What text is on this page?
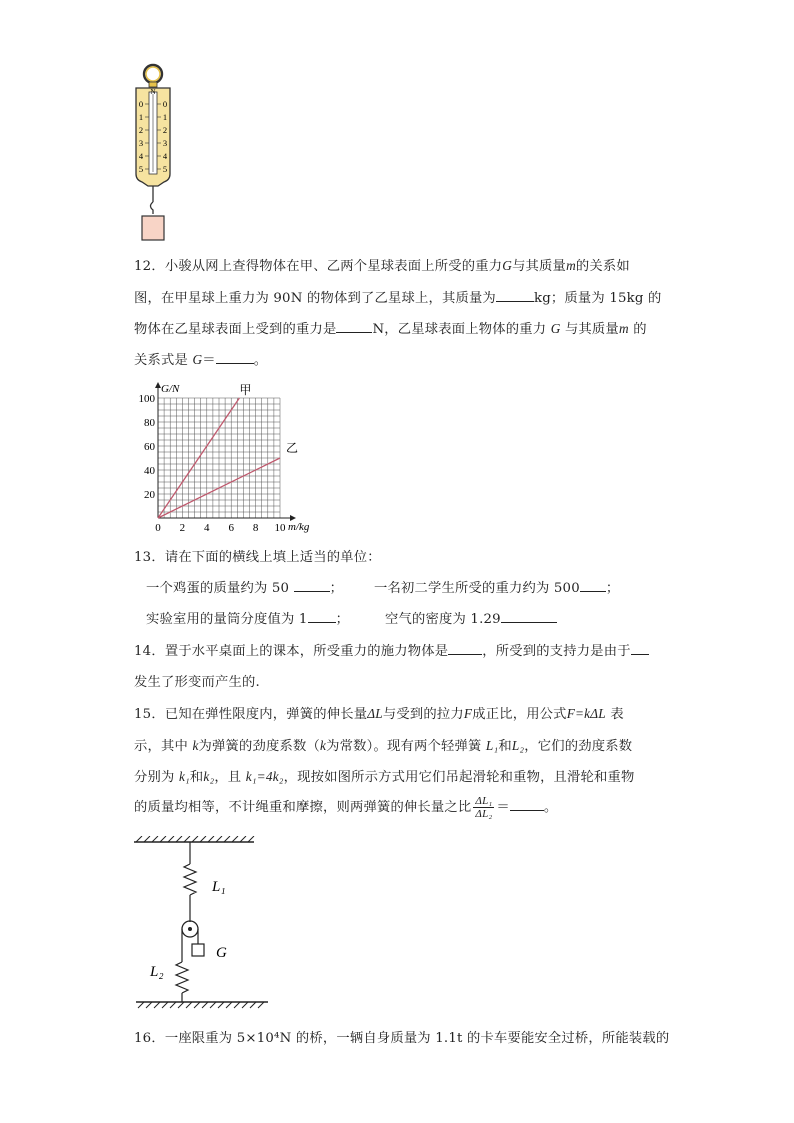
N
0
1
2
3
4
5
0
1
2
3
4
5
12．小骏从网上查得物体在甲、乙两个星球表面上所受的重力G与其质量m的关系如
图，在甲星球上重力为 90N 的物体到了乙星球上，其质量为	kg；质量为 15kg 的
物体在乙星球表面上受到的重力是	N，乙星球表面上物体的重力 G 与其质量m 的
关系式是 G＝	。
G/N
m/kg
0 2 4 6 8 10
20
40
60
80
100
甲
乙
13．请在下面的横线上填上适当的单位：
一个鸡蛋的质量约为 50	； 一名初二学生所受的重力约为 500 ；
实验室用的量筒分度值为 1 ；	空气的密度为 1.29
14．置于水平桌面上的课本，所受重力的施力物体是	，所受到的支持力是由于
发生了形变而产生的.
15．已知在弹性限度内，弹簧的伸长量ΔL与受到的拉力F成正比，用公式F=kΔL 表
示，其中 k为弹簧的劲度系数（k为常数）。现有两个轻弹簧 L₁和L₂，它们的劲度系数
分别为 k₁和k₂，且 k₁=4k₂，现按如图所示方式用它们吊起滑轮和重物，且滑轮和重物
的质量均相等，不计绳重和摩擦，则两弹簧的伸长量之比 $\frac{\text{ΔL₁}}{\text{ΔL₂}}$ ＝	。
L₁
G
L₂
16．一座限重为 5×10⁴N 的桥，一辆自身质量为 1.1t 的卡车要能安全过桥，所能装载的
